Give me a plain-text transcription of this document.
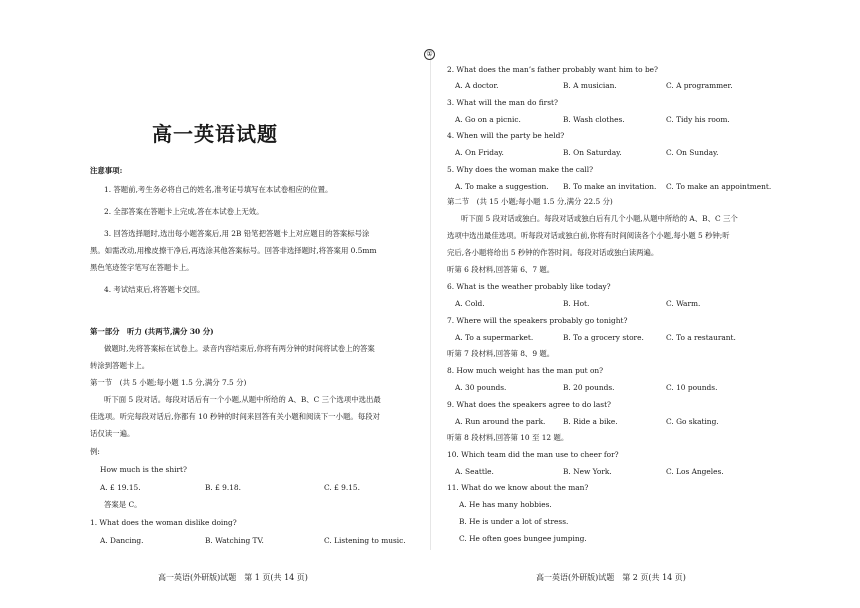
高一英语试题
注意事项:
1. 答题前,考生务必将自己的姓名,准考证号填写在本试卷相应的位置。
2. 全部答案在答题卡上完成,答在本试卷上无效。
3. 回答选择题时,选出每小题答案后,用 2B 铅笔把答题卡上对应题目的答案标号涂
黑。如需改动,用橡皮擦干净后,再选涂其他答案标号。回答非选择题时,将答案用 0.5mm
黑色笔迹签字笔写在答题卡上。
4. 考试结束后,将答题卡交回。
第一部分　听力 (共两节,满分 30 分)
做题时,先将答案标在试卷上。录音内容结束后,你将有两分钟的时间将试卷上的答案
转涂到答题卡上。
第一节　(共 5 小题;每小题 1.5 分,满分 7.5 分)
听下面 5 段对话。每段对话后有一个小题,从题中所给的 A、B、C 三个选项中选出最
佳选项。听完每段对话后,你都有 10 秒钟的时间来回答有关小题和阅读下一小题。每段对
话仅读一遍。
例:
How much is the shirt?
A. £ 19.15.	B. £ 9.18.	C. £ 9.15.
答案是 C。
1. What does the woman dislike doing?
A. Dancing.	B. Watching TV.	C. Listening to music.
高一英语(外研版)试题　第 1 页(共 14 页)
①
2. What does the man’s father probably want him to be?
A. A doctor.	B. A musician.	C. A programmer.
3. What will the man do first?
A. Go on a picnic.	B. Wash clothes.	C. Tidy his room.
4. When will the party be held?
A. On Friday.	B. On Saturday.	C. On Sunday.
5. Why does the woman make the call?
A. To make a suggestion. B. To make an invitation. C. To make an appointment.
第二节　(共 15 小题;每小题 1.5 分,满分 22.5 分)
听下面 5 段对话或独白。每段对话或独白后有几个小题,从题中所给的 A、B、C 三个
选项中选出最佳选项。听每段对话或独白前,你将有时间阅读各个小题,每小题 5 秒钟;听
完后,各小题将给出 5 秒钟的作答时间。每段对话或独白读两遍。
听第 6 段材料,回答第 6、7 题。
6. What is the weather probably like today?
A. Cold.	B. Hot.	C. Warm.
7. Where will the speakers probably go tonight?
A. To a supermarket.	B. To a grocery store.	C. To a restaurant.
听第 7 段材料,回答第 8、9 题。
8. How much weight has the man put on?
A. 30 pounds.	B. 20 pounds.	C. 10 pounds.
9. What does the speakers agree to do last?
A. Run around the park. B. Ride a bike.	C. Go skating.
听第 8 段材料,回答第 10 至 12 题。
10. Which team did the man use to cheer for?
A. Seattle.	B. New York.	C. Los Angeles.
11. What do we know about the man?
A. He has many hobbies.
B. He is under a lot of stress.
C. He often goes bungee jumping.
高一英语(外研版)试题　第 2 页(共 14 页)
